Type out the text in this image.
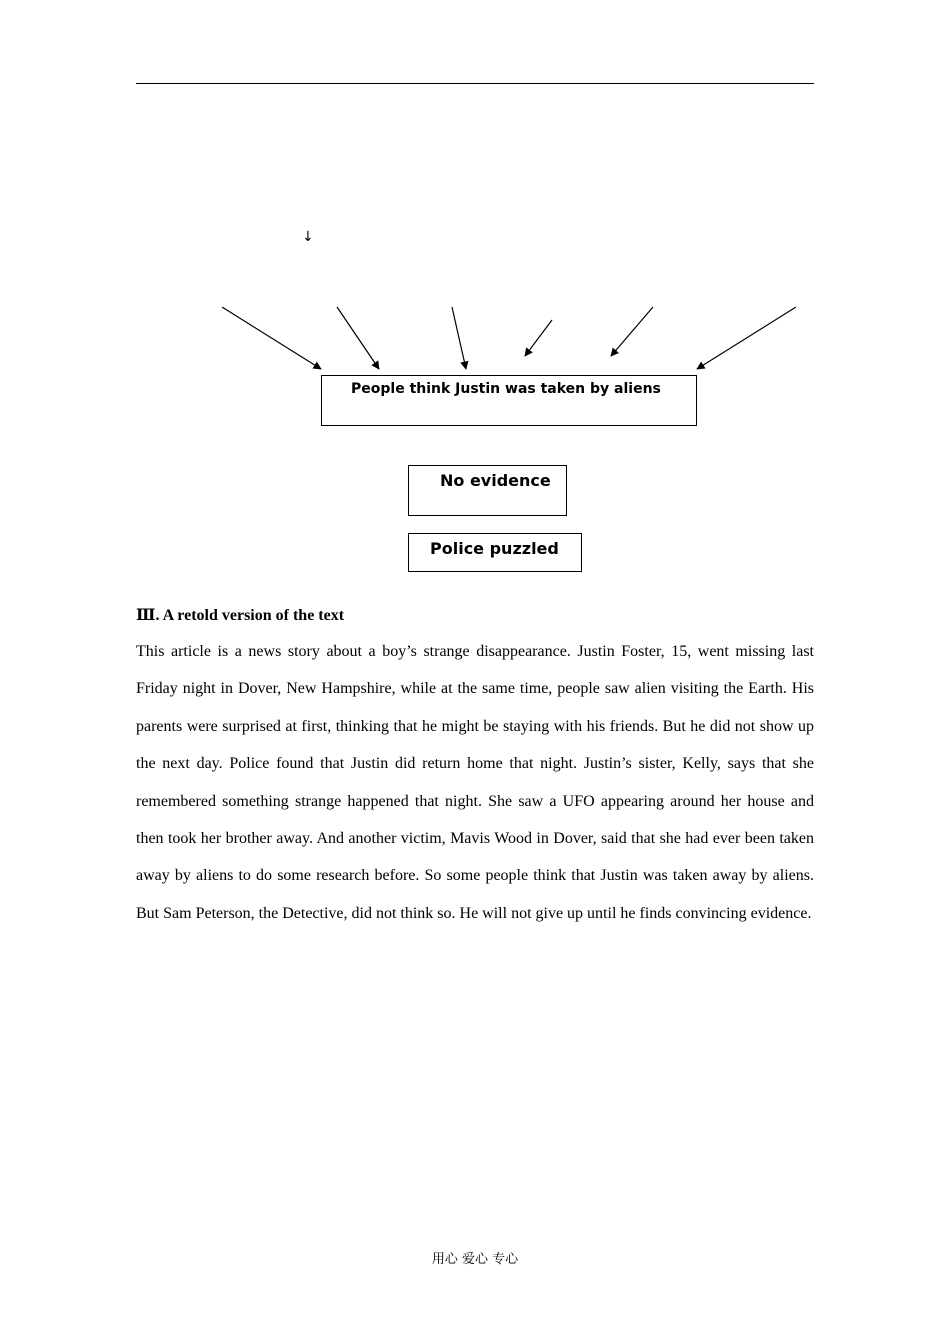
↓
People think Justin was taken by aliens
No evidence
Police puzzled
Ⅲ. A retold version of the text

This article is a news story about a boy’s strange disappearance. Justin Foster, 15, went missing last Friday night in Dover, New Hampshire, while at the same time, people saw alien visiting the Earth. His parents were surprised at first, thinking that he might be staying with his friends. But he did not show up the next day. Police found that Justin did return home that night. Justin’s sister, Kelly, says that she remembered something strange happened that night. She saw a UFO appearing around her house and then took her brother away. And another victim, Mavis Wood in Dover, said that she had ever been taken away by aliens to do some research before. So some people think that Justin was taken away by aliens. But Sam Peterson, the Detective, did not think so. He will not give up until he finds convincing evidence.

用心 爱心 专心
